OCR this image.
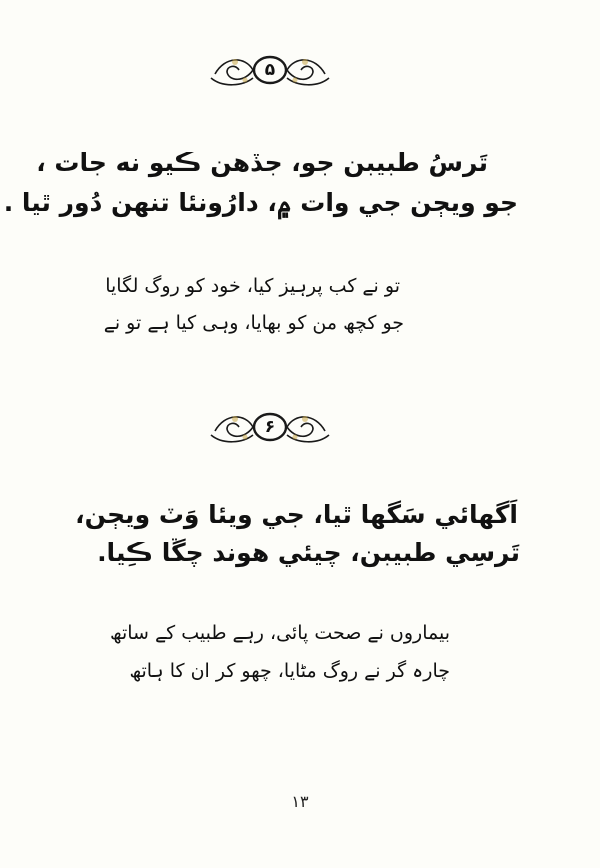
۵
تَرسُ طبيبن جو، جڏهن ڪيو نه جات ،
جو ويڄن جي وات ۾، دارُونئا تنهن دُور ٿيا .
تو نے کب پرہیز کیا، خود کو روگ لگایا
جو کچھ من کو بھایا، وہی کیا ہے تو نے
۶
اَگهائي سَگها ٿيا، جي ويئا وَٽ ويڄن،
تَرسِي طبيبن، چيئي هوند چڱا ڪِيا.
بیماروں نے صحت پائی، رہے طبیب کے ساتھ
چارہ گر نے روگ مٹایا، چھو کر ان کا ہاتھ
۱۳
